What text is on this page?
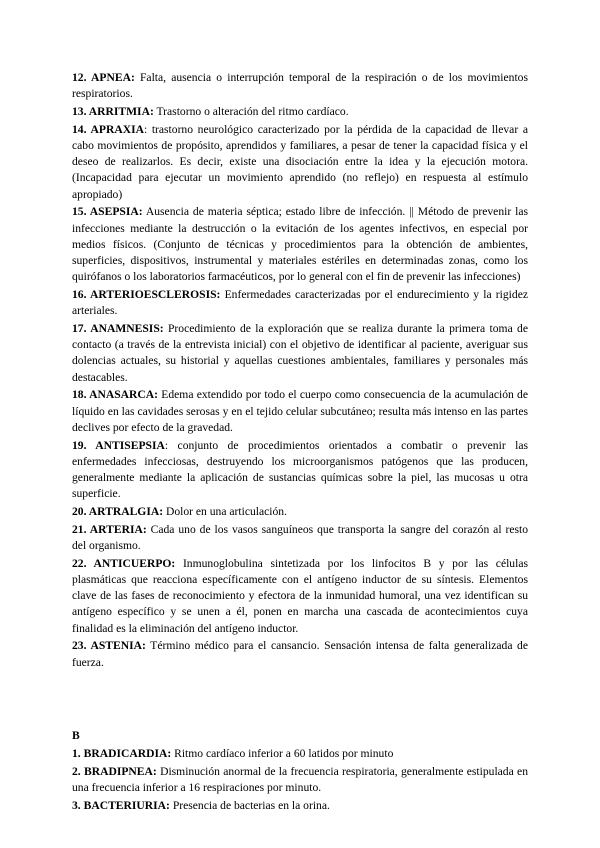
12. APNEA: Falta, ausencia o interrupción temporal de la respiración o de los movimientos respiratorios.

13. ARRITMIA: Trastorno o alteración del ritmo cardíaco.

14. APRAXIA: trastorno neurológico caracterizado por la pérdida de la capacidad de llevar a cabo movimientos de propósito, aprendidos y familiares, a pesar de tener la capacidad física y el deseo de realizarlos. Es decir, existe una disociación entre la idea y la ejecución motora. (Incapacidad para ejecutar un movimiento aprendido (no reflejo) en respuesta al estímulo apropiado)

15. ASEPSIA: Ausencia de materia séptica; estado libre de infección. || Método de prevenir las infecciones mediante la destrucción o la evitación de los agentes infectivos, en especial por medios físicos. (Conjunto de técnicas y procedimientos para la obtención de ambientes, superficies, dispositivos, instrumental y materiales estériles en determinadas zonas, como los quirófanos o los laboratorios farmacéuticos, por lo general con el fin de prevenir las infecciones)

16. ARTERIOESCLEROSIS: Enfermedades caracterizadas por el endurecimiento y la rigidez arteriales.

17. ANAMNESIS: Procedimiento de la exploración que se realiza durante la primera toma de contacto (a través de la entrevista inicial) con el objetivo de identificar al paciente, averiguar sus dolencias actuales, su historial y aquellas cuestiones ambientales, familiares y personales más destacables.

18. ANASARCA: Edema extendido por todo el cuerpo como consecuencia de la acumulación de líquido en las cavidades serosas y en el tejido celular subcutáneo; resulta más intenso en las partes declives por efecto de la gravedad.

19. ANTISEPSIA: conjunto de procedimientos orientados a combatir o prevenir las enfermedades infecciosas, destruyendo los microorganismos patógenos que las producen, generalmente mediante la aplicación de sustancias químicas sobre la piel, las mucosas u otra superficie.

20. ARTRALGIA: Dolor en una articulación.

21. ARTERIA: Cada uno de los vasos sanguíneos que transporta la sangre del corazón al resto del organismo.

22. ANTICUERPO: Inmunoglobulina sintetizada por los linfocitos B y por las células plasmáticas que reacciona específicamente con el antígeno inductor de su síntesis. Elementos clave de las fases de reconocimiento y efectora de la inmunidad humoral, una vez identifican su antígeno específico y se unen a él, ponen en marcha una cascada de acontecimientos cuya finalidad es la eliminación del antígeno inductor.

23. ASTENIA: Término médico para el cansancio. Sensación intensa de falta generalizada de fuerza.

B

1. BRADICARDIA: Ritmo cardíaco inferior a 60 latidos por minuto

2. BRADIPNEA: Disminución anormal de la frecuencia respiratoria, generalmente estipulada en una frecuencia inferior a 16 respiraciones por minuto.

3. BACTERIURIA: Presencia de bacterias en la orina.
